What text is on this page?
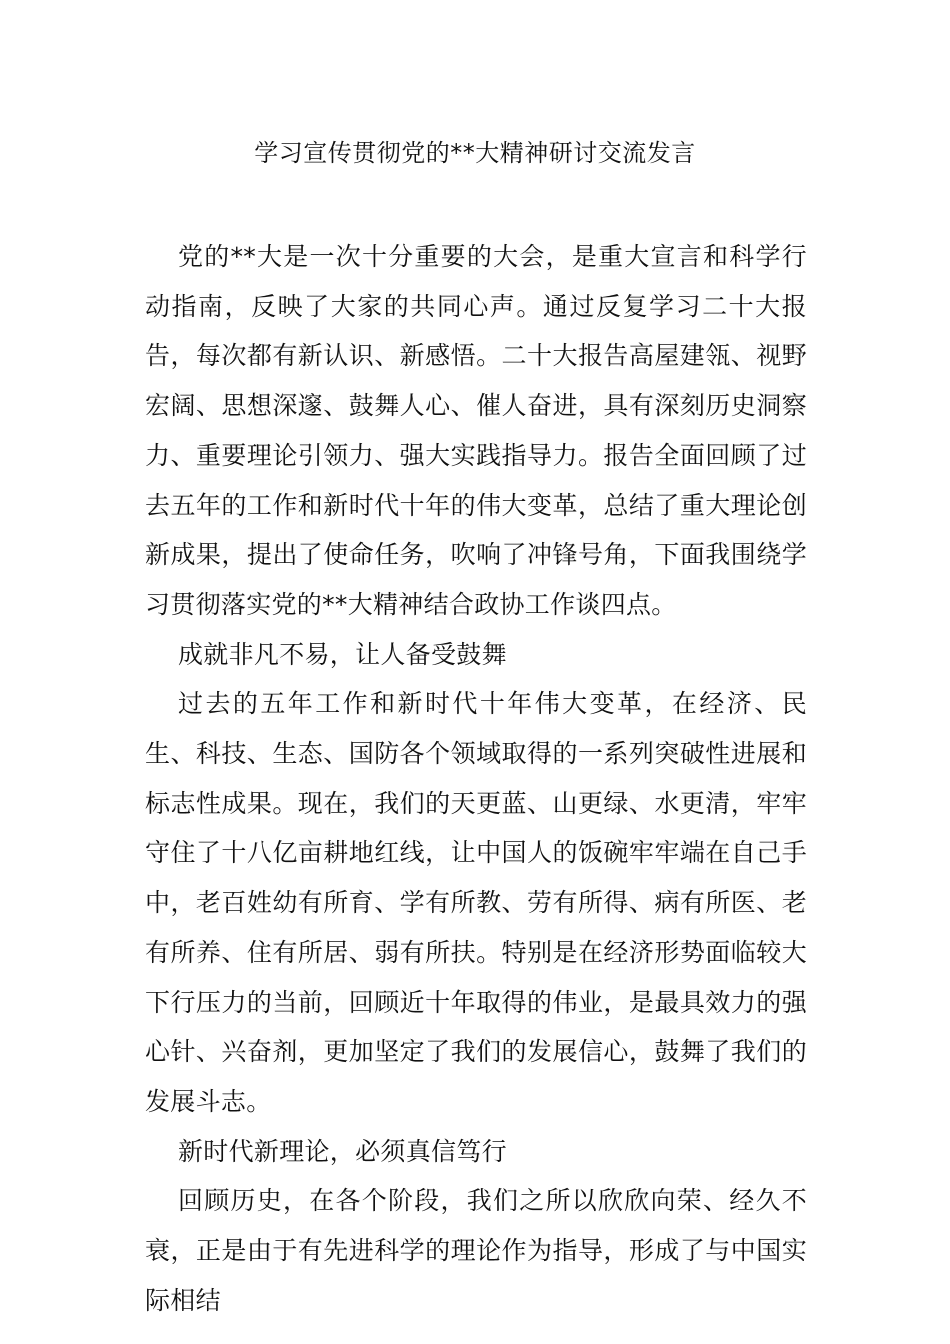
学习宣传贯彻党的**大精神研讨交流发言

党的**大是一次十分重要的大会，是重大宣言和科学行动指南，反映了大家的共同心声。通过反复学习二十大报告，每次都有新认识、新感悟。二十大报告高屋建瓴、视野宏阔、思想深邃、鼓舞人心、催人奋进，具有深刻历史洞察力、重要理论引领力、强大实践指导力。报告全面回顾了过去五年的工作和新时代十年的伟大变革，总结了重大理论创新成果，提出了使命任务，吹响了冲锋号角，下面我围绕学习贯彻落实党的**大精神结合政协工作谈四点。

成就非凡不易，让人备受鼓舞

过去的五年工作和新时代十年伟大变革，在经济、民生、科技、生态、国防各个领域取得的一系列突破性进展和标志性成果。现在，我们的天更蓝、山更绿、水更清，牢牢守住了十八亿亩耕地红线，让中国人的饭碗牢牢端在自己手中，老百姓幼有所育、学有所教、劳有所得、病有所医、老有所养、住有所居、弱有所扶。特别是在经济形势面临较大下行压力的当前，回顾近十年取得的伟业，是最具效力的强心针、兴奋剂，更加坚定了我们的发展信心，鼓舞了我们的发展斗志。

新时代新理论，必须真信笃行

回顾历史，在各个阶段，我们之所以欣欣向荣、经久不衰，正是由于有先进科学的理论作为指导，形成了与中国实际相结
